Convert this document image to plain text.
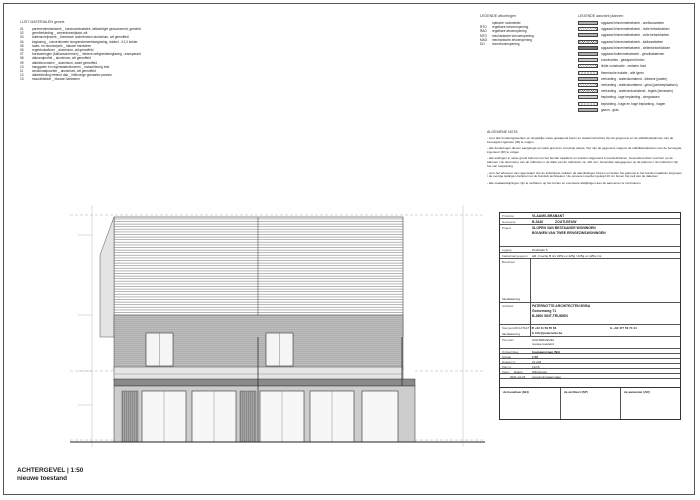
LIJST MATERIALEN gevels
01	parementmetselwerk _ handvormbakstee, wittachtig/e genuanceerd, gemeild
02	gevelbekleding _ cementvezelplaat, wit
03	buitenschrijnwerk _ thermisch onderbroken aluminium, wit gemoffeld
04	beglazing _ conventionele hoogrendementsbeglazing, dubbel - K1,0 kelder
05	raam- en deurdorpels _ blauwe hardsteen
06	regenbuisafvoer _ aluminium, wit gemoffeld
07	borstweringen (balkonschermen) _ helders veiligheidsbeglazing - transparant
08	dakrandprofiel _ aluminium, wit gemoffeld
09	dakbekroonsten _ aluminium, zwart gemoffeld
10	hanggoten en regenwaterafvoeren _ natuurkleurig zink
11	sectionaalpoorten _ aluminium, wit gemoffeld
12	dakbekleding hellend dak _ bitikvorige golvaalen pannen
13	muurafdekkel _ blauwe hardsteen
LEGENDE afkortingen
optische rookmelder
RTO	regelbare toevoeropening
RAO	regelbare afvoeropening
MTO	mechanische toevoeropening
MAO	mechanische afvoeropening
DO	doorstroomopening
LEGENDE aanzicht plannen
opgaand binnenmetselwerk - snelbouwsteen
opgaand binnenmetselwerk - holle betonblokken
opgaand binnenmetselwerk - volle betonblokken
opgaand binnenmetselwerk - kalkzandsteen
opgaand binnenmetselwerk - cellenbetonblokken
opgaand buitenmetselwerk - gevelbakstenen
constructies - gewapend beton
lichte constructie - metalen hout
thermische isolatie - alle typen
verharding - waterdoorlatend - klinkers (paden)
verharding - waterdoorlatend - grind (parkeerplaatsen)
verharding - waterondoorlatend - tegels (terrassen)
beplanting - lage beplanting - siergrassen
beplanting - hage en hoge beplanting - hagen
gazon - gras
ALGEMENE NOTA

- voor alle funderingswerken en lengtelijke vaste gewapend beton en staalconstructies zijn de gegevens en de stabiliteitsplannen van de bevoegde ingenieur (IR) te volgen

- alle funderingen dienen aangelegd op vaste grond en vorstvrije diepte; hier zijn de gegevens volgens de stabiliteitsplannen van de bevoegde ingenieur (IR) te volgen

- alle leidingen in vaste grond behoren tot het bundel naadloze en worden uitgevoerd in bundels/tuizen, bovenafvoerbuis voorzien op de plannen / de doormeter van de ruitbuizen / de dikte van de ruitbuizen ca. 110 mm; bovendien aangegeven op de plannen / de ruitbuizen zijn het van toepassing

- voor het afvoeren van regenwater zijn de individuele stukken de aansluitingen binnen en buiten het gebouw in het bundel naadloze begrepen / de overige leidingen behoren tot de bundels technieken / de opvoeren werden gelegd 10 cm boven het peil van de dakvloer

- alle maataanwijzingen zijn te verifiëren op het terrein en eventuele afwijkingen aan de aannemer te controleren

Provincie	VLAAMS-BRABANT
Gemeente	B-3440	ZOUTLEEUW
Project	SLOPEN VAN BESTAANDE WONINGEN
BOUWEN VAN TWEE EENGEZINSWONINGEN
Ligging	Prodriaan 5
Kadastraal gegeven afd. 3 sectie B nrs 425k en 425g / 425g en 425w nrs
Bouwheer
handtekening
Architect	PATERNOTTE ARCHITECTEN BVBA
Gorsemweg 71
B-3800 SINT-TRUIDEN
Stempel ARCHITECTEN
handtekening
T +32 11 59 55 66	G +32 477 50 74 44
E info@paternotte.be
Titel plan	ACHTERGEVEL
nieuwe toestand
Ontwerpfase	bouwaanvraag (NA)
Schaal	1:50
Dossier nr.	21.294
Plan nr.	12/15
Index Datum	Wijzigingen
2021-12-23 vergunningsaanvraag
de bouwheer (BH)	de architect (SP)	de aannemer (AR)
ACHTERGEVEL | 1:50
nieuwe toestand
